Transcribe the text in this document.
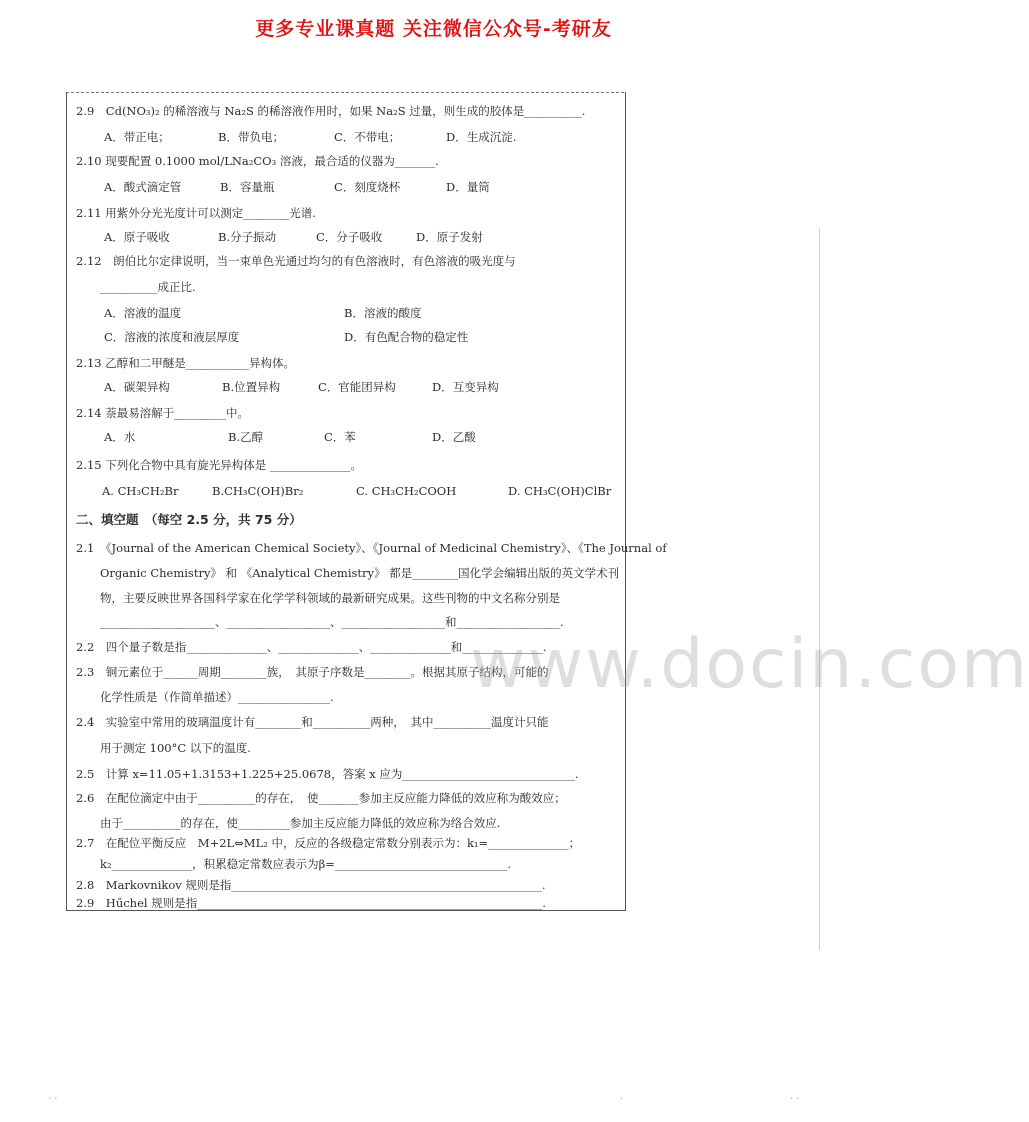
更多专业课真题 关注微信公众号-考研友
2.9　Cd(NO₃)₂ 的稀溶液与 Na₂S 的稀溶液作用时，如果 Na₂S 过量，则生成的胶体是__________.
A．带正电；	B．带负电；	C．不带电；	D．生成沉淀.
2.10 现要配置 0.1000 mol/LNa₂CO₃ 溶液，最合适的仪器为_______.
A．酸式滴定管	B．容量瓶	C．刻度烧杯	D．量筒
2.11 用紫外分光光度计可以测定________光谱.
A．原子吸收	B.分子振动	C．分子吸收	D．原子发射
2.12　朗伯比尔定律说明，当一束单色光通过均匀的有色溶液时，有色溶液的吸光度与
__________成正比.
A．溶液的温度	B．溶液的酸度
C．溶液的浓度和液层厚度	D．有色配合物的稳定性
2.13 乙醇和二甲醚是___________异构体。
A．碳架异构	B.位置异构	C．官能团异构	D．互变异构
2.14 萘最易溶解于_________中。
A．水	B.乙醇	C．苯	D．乙酸
2.15 下列化合物中具有旋光异构体是 ______________。
A. CH₃CH₂Br	B.CH₃C(OH)Br₂	C. CH₃CH₂COOH	D. CH₃C(OH)ClBr
二、填空题　（每空 2.5 分，共 75 分）
2.1　《Journal of the American Chemical Society》、《Journal of Medicinal Chemistry》、《The Journal of
Organic Chemistry》 和 《Analytical Chemistry》 都是________国化学会编辑出版的英文学术刊
物，主要反映世界各国科学家在化学学科领域的最新研究成果。这些刊物的中文名称分别是
____________________、__________________、__________________和__________________.
2.2　四个量子数是指______________、______________、______________和______________.
2.3　铜元素位于______周期________族，　其原子序数是________。根据其原子结构，可能的
化学性质是（作简单描述）________________.
2.4　实验室中常用的玻璃温度计有________和__________两种，　其中__________温度计只能
用于测定 100°C 以下的温度.
2.5　计算 x=11.05+1.3153+1.225+25.0678，答案 x 应为______________________________.
2.6　在配位滴定中由于__________的存在，　使_______参加主反应能力降低的效应称为酸效应；
由于__________的存在，使_________参加主反应能力降低的效应称为络合效应.
2.7　在配位平衡反应　M+2L⇔ML₂ 中，反应的各级稳定常数分别表示为：k₁=______________；
k₂______________，积累稳定常数应表示为β=______________________________.
2.8　Markovnikov 规则是指______________________________________________________.
2.9　Hűchel 规则是指____________________________________________________________.
www.docin.com
· ·	·	· ·
